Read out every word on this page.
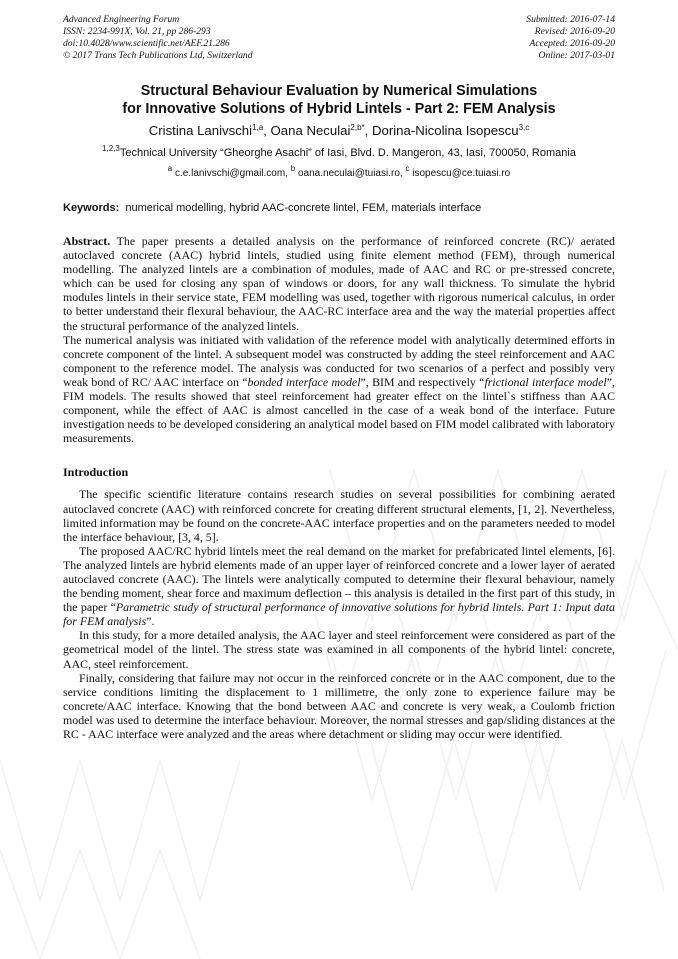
Advanced Engineering Forum
ISSN: 2234-991X, Vol. 21, pp 286-293
doi:10.4028/www.scientific.net/AEF.21.286
© 2017 Trans Tech Publications Ltd, Switzerland
Submitted: 2016-07-14
Revised: 2016-09-20
Accepted: 2016-09-20
Online: 2017-03-01
Structural Behaviour Evaluation by Numerical Simulations
for Innovative Solutions of Hybrid Lintels - Part 2: FEM Analysis
Cristina Lanivschi$^{1,a}$, Oana Neculai$^{2,b*}$, Dorina-Nicolina Isopescu$^{3,c}$
$^{1,2,3}$Technical University “Gheorghe Asachi” of Iasi, Blvd. D. Mangeron, 43, Iasi, 700050, Romania
$^a$ c.e.lanivschi@gmail.com, $^b$ oana.neculai@tuiasi.ro, $^c$ isopescu@ce.tuiasi.ro
Keywords: numerical modelling, hybrid AAC-concrete lintel, FEM, materials interface

Abstract. The paper presents a detailed analysis on the performance of reinforced concrete (RC)/ aerated autoclaved concrete (AAC) hybrid lintels, studied using finite element method (FEM), through numerical modelling. The analyzed lintels are a combination of modules, made of AAC and RC or pre-stressed concrete, which can be used for closing any span of windows or doors, for any wall thickness. To simulate the hybrid modules lintels in their service state, FEM modelling was used, together with rigorous numerical calculus, in order to better understand their flexural behaviour, the AAC-RC interface area and the way the material properties affect the structural performance of the analyzed lintels.

The numerical analysis was initiated with validation of the reference model with analytically determined efforts in concrete component of the lintel. A subsequent model was constructed by adding the steel reinforcement and AAC component to the reference model. The analysis was conducted for two scenarios of a perfect and possibly very weak bond of RC/ AAC interface on “bonded interface model”, BIM and respectively “frictional interface model”, FIM models. The results showed that steel reinforcement had greater effect on the lintel`s stiffness than AAC component, while the effect of AAC is almost cancelled in the case of a weak bond of the interface. Future investigation needs to be developed considering an analytical model based on FIM model calibrated with laboratory measurements.

Introduction

The specific scientific literature contains research studies on several possibilities for combining aerated autoclaved concrete (AAC) with reinforced concrete for creating different structural elements, [1, 2]. Nevertheless, limited information may be found on the concrete-AAC interface properties and on the parameters needed to model the interface behaviour, [3, 4, 5].

The proposed AAC/RC hybrid lintels meet the real demand on the market for prefabricated lintel elements, [6]. The analyzed lintels are hybrid elements made of an upper layer of reinforced concrete and a lower layer of aerated autoclaved concrete (AAC). The lintels were analytically computed to determine their flexural behaviour, namely the bending moment, shear force and maximum deflection – this analysis is detailed in the first part of this study, in the paper “Parametric study of structural performance of innovative solutions for hybrid lintels. Part 1: Input data for FEM analysis”.

In this study, for a more detailed analysis, the AAC layer and steel reinforcement were considered as part of the geometrical model of the lintel. The stress state was examined in all components of the hybrid lintel: concrete, AAC, steel reinforcement.

Finally, considering that failure may not occur in the reinforced concrete or in the AAC component, due to the service conditions limiting the displacement to 1 millimetre, the only zone to experience failure may be concrete/AAC interface. Knowing that the bond between AAC and concrete is very weak, a Coulomb friction model was used to determine the interface behaviour. Moreover, the normal stresses and gap/sliding distances at the RC - AAC interface were analyzed and the areas where detachment or sliding may occur were identified.
